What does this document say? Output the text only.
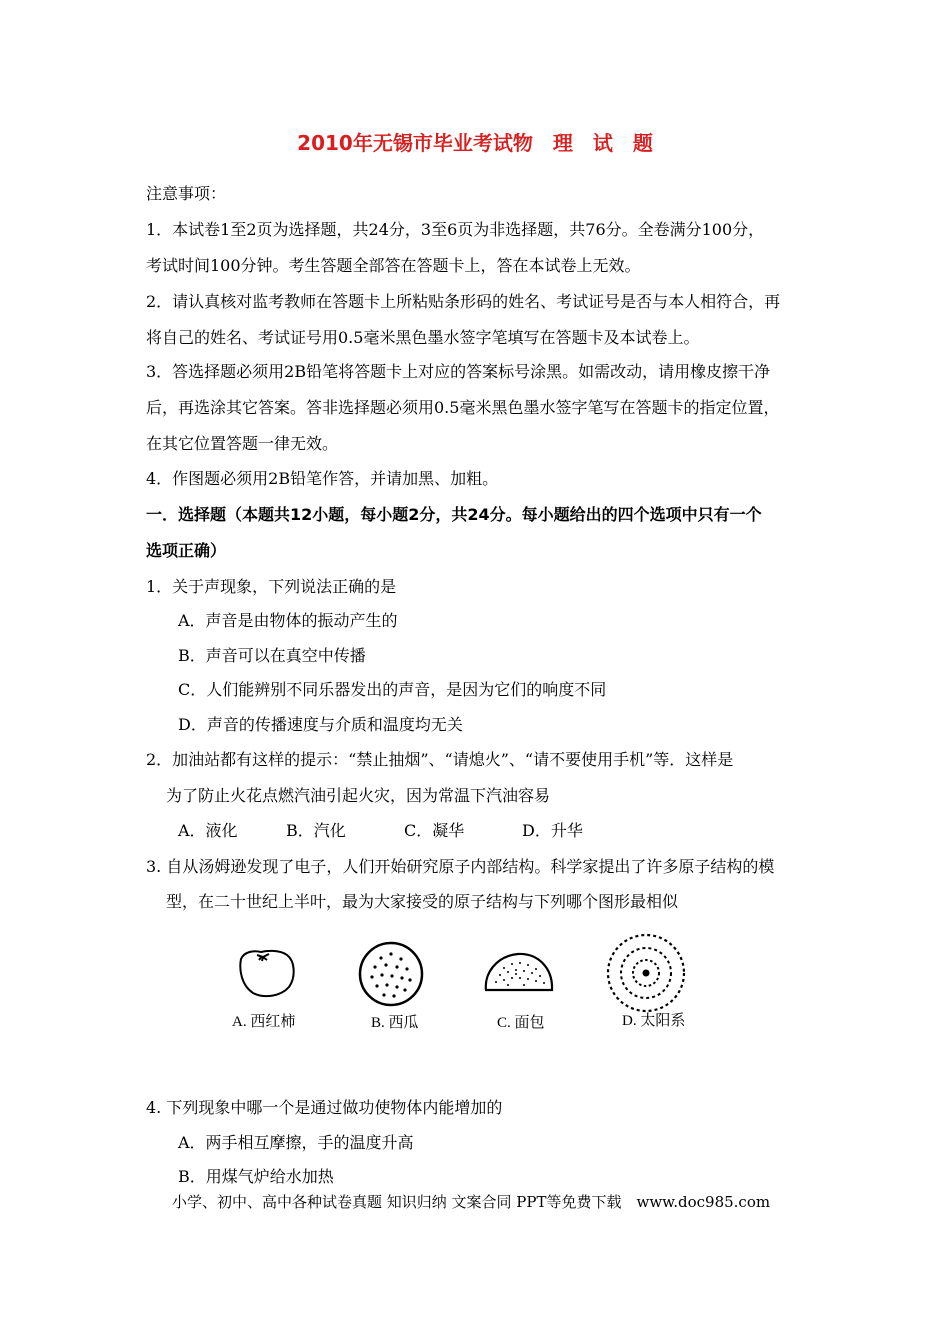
2010年无锡市毕业考试物　理　试　题
注意事项：
1．本试卷1至2页为选择题，共24分，3至6页为非选择题，共76分。全卷满分100分，
考试时间100分钟。考生答题全部答在答题卡上，答在本试卷上无效。
2．请认真核对监考教师在答题卡上所粘贴条形码的姓名、考试证号是否与本人相符合，再
将自己的姓名、考试证号用0.5毫米黑色墨水签字笔填写在答题卡及本试卷上。
3．答选择题必须用2B铅笔将答题卡上对应的答案标号涂黑。如需改动，请用橡皮擦干净
后，再选涂其它答案。答非选择题必须用0.5毫米黑色墨水签字笔写在答题卡的指定位置，
在其它位置答题一律无效。
4．作图题必须用2B铅笔作答，并请加黑、加粗。
一．选择题（本题共12小题，每小题2分，共24分。每小题给出的四个选项中只有一个
选项正确）
1．关于声现象，下列说法正确的是
A．声音是由物体的振动产生的
B．声音可以在真空中传播
C．人们能辨别不同乐器发出的声音，是因为它们的响度不同
D．声音的传播速度与介质和温度均无关
2．加油站都有这样的提示：“禁止抽烟”、“请熄火”、“请不要使用手机”等．这样是
为了防止火花点燃汽油引起火灾，因为常温下汽油容易
A．液化	B．汽化	C．凝华	D．升华
3. 自从汤姆逊发现了电子，人们开始研究原子内部结构。科学家提出了许多原子结构的模
型，在二十世纪上半叶，最为大家接受的原子结构与下列哪个图形最相似
A. 西红柿	B. 西瓜	C. 面包	D. 太阳系
4. 下列现象中哪一个是通过做功使物体内能增加的
A．两手相互摩擦，手的温度升高
B．用煤气炉给水加热
小学、初中、高中各种试卷真题 知识归纳 文案合同 PPT等免费下载　www.doc985.com
